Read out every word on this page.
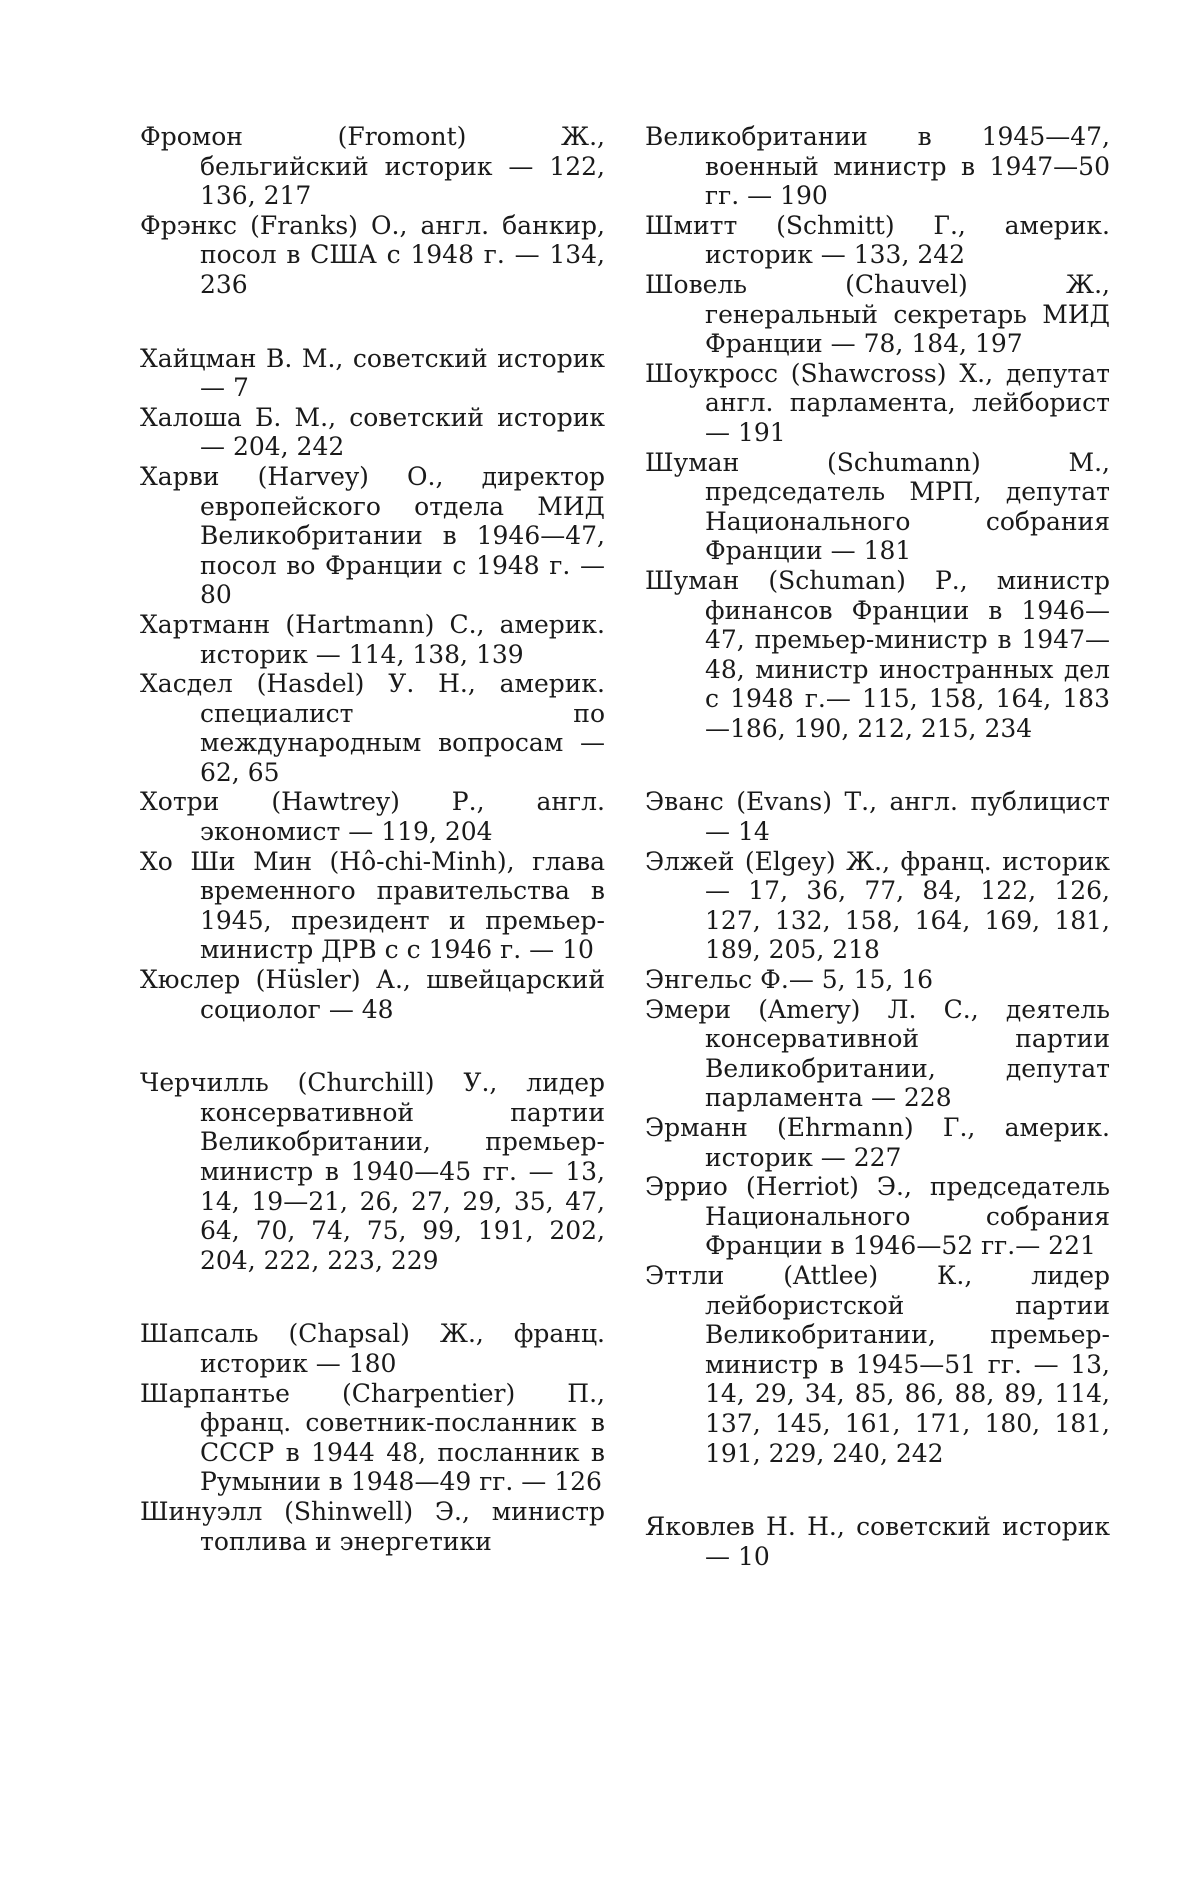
Фромон (Fromont) Ж., бельгийский историк — 122, 136, 217

Фрэнкс (Franks) О., англ. банкир, посол в США с 1948 г. — 134, 236

Хайцман В. М., советский историк — 7

Халоша Б. М., советский историк — 204, 242

Харви (Harvey) О., директор европейского отдела МИД Великобритании в 1946—47, посол во Франции с 1948 г. — 80

Хартманн (Hartmann) С., америк. историк — 114, 138, 139

Хасдел (Hasdel) У. Н., америк. специалист по международным вопросам — 62, 65

Хотри (Hawtrey) Р., англ. экономист — 119, 204

Хо Ши Мин (Hô-chi-Minh), глава временного правительства в 1945, президент и премьер-министр ДРВ с с 1946 г. — 10

Хюслер (Hüsler) А., швейцарский социолог — 48

Черчилль (Churchill) У., лидер консервативной партии Великобритании, премьер-министр в 1940—45 гг. — 13, 14, 19—21, 26, 27, 29, 35, 47, 64, 70, 74, 75, 99, 191, 202, 204, 222, 223, 229

Шапсаль (Chapsal) Ж., франц. историк — 180

Шарпантье (Charpentier) П., франц. советник-посланник в СССР в 1944 48, посланник в Румынии в 1948—49 гг. — 126

Шинуэлл (Shinwell) Э., министр топлива и энергетики

Великобритании в 1945—47, военный министр в 1947—50 гг. — 190

Шмитт (Schmitt) Г., америк. историк — 133, 242

Шовель (Chauvel) Ж., генеральный секретарь МИД Франции — 78, 184, 197

Шоукросс (Shawcross) Х., депутат англ. парламента, лейборист — 191

Шуман (Schumann) М., председатель МРП, депутат Национального собрания Франции — 181

Шуман (Schuman) Р., министр финансов Франции в 1946—47, премьер-министр в 1947—48, министр иностранных дел с 1948 г.— 115, 158, 164, 183—186, 190, 212, 215, 234

Эванс (Evans) Т., англ. публицист — 14

Элжей (Elgey) Ж., франц. историк — 17, 36, 77, 84, 122, 126, 127, 132, 158, 164, 169, 181, 189, 205, 218

Энгельс Ф.— 5, 15, 16

Эмери (Amery) Л. С., деятель консервативной партии Великобритании, депутат парламента — 228

Эрманн (Ehrmann) Г., америк. историк — 227

Эррио (Herriot) Э., председатель Национального собрания Франции в 1946—52 гг.— 221

Эттли (Attlee) К., лидер лейбористской партии Великобритании, премьер-министр в 1945—51 гг. — 13, 14, 29, 34, 85, 86, 88, 89, 114, 137, 145, 161, 171, 180, 181, 191, 229, 240, 242

Яковлев Н. Н., советский историк — 10
